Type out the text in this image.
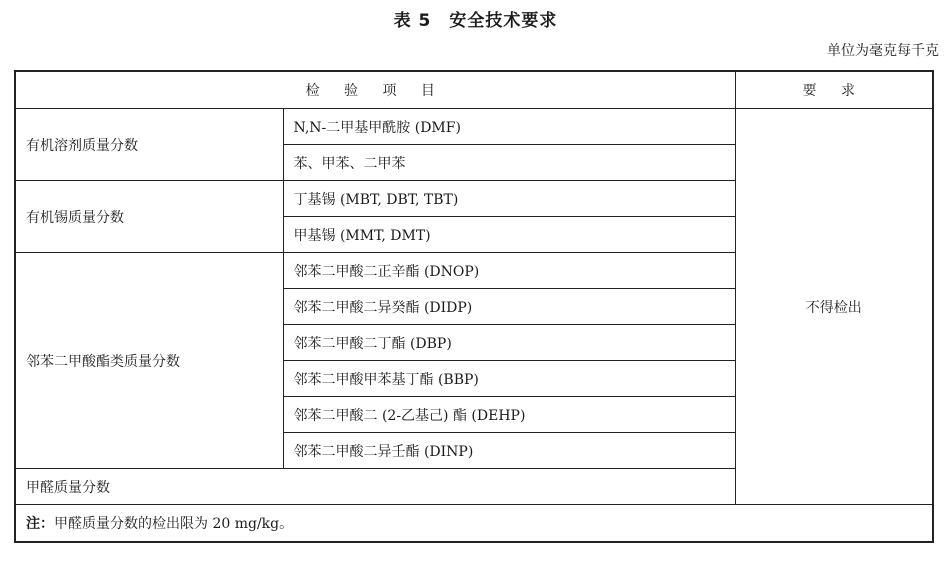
表 5　安全技术要求
单位为毫克每千克
检 验 项 目		要 求
有机溶剂质量分数	N,N-二甲基甲酰胺 (DMF)	不得检出
	苯、甲苯、二甲苯	
有机锡质量分数	丁基锡 (MBT, DBT, TBT)	
	甲基锡 (MMT, DMT)	
邻苯二甲酸酯类质量分数	邻苯二甲酸二正辛酯 (DNOP)	
	邻苯二甲酸二异癸酯 (DIDP)	
	邻苯二甲酸二丁酯 (DBP)	
	邻苯二甲酸甲苯基丁酯 (BBP)	
	邻苯二甲酸二 (2-乙基己) 酯 (DEHP)	
	邻苯二甲酸二异壬酯 (DINP)	
甲醛质量分数		
注：甲醛质量分数的检出限为 20 mg/kg。		
